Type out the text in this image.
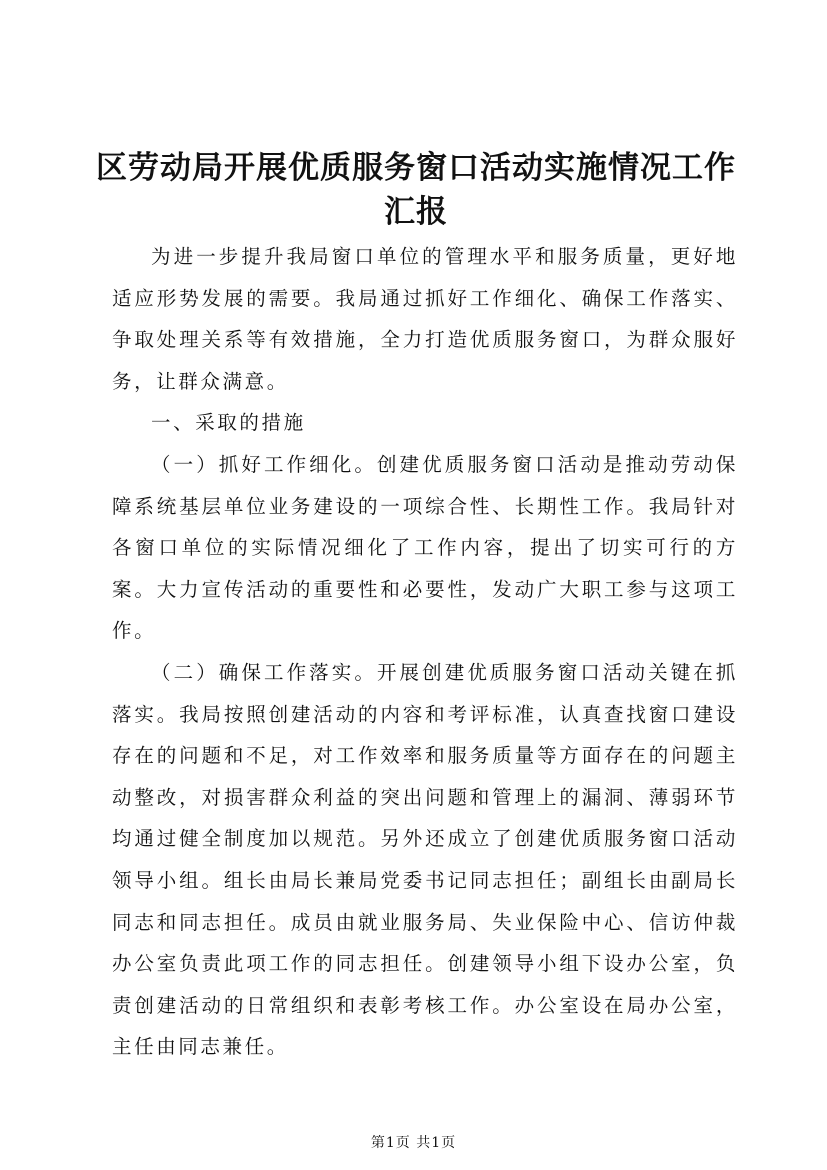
区劳动局开展优质服务窗口活动实施情况工作
汇报

为进一步提升我局窗口单位的管理水平和服务质量，更好地适应形势发展的需要。我局通过抓好工作细化、确保工作落实、争取处理关系等有效措施，全力打造优质服务窗口，为群众服好务，让群众满意。

一、采取的措施

（一）抓好工作细化。创建优质服务窗口活动是推动劳动保障系统基层单位业务建设的一项综合性、长期性工作。我局针对各窗口单位的实际情况细化了工作内容，提出了切实可行的方案。大力宣传活动的重要性和必要性，发动广大职工参与这项工作。

（二）确保工作落实。开展创建优质服务窗口活动关键在抓落实。我局按照创建活动的内容和考评标准，认真查找窗口建设存在的问题和不足，对工作效率和服务质量等方面存在的问题主动整改，对损害群众利益的突出问题和管理上的漏洞、薄弱环节均通过健全制度加以规范。另外还成立了创建优质服务窗口活动领导小组。组长由局长兼局党委书记同志担任；副组长由副局长同志和同志担任。成员由就业服务局、失业保险中心、信访仲裁办公室负责此项工作的同志担任。创建领导小组下设办公室，负责创建活动的日常组织和表彰考核工作。办公室设在局办公室，主任由同志兼任。

第1页 共1页
